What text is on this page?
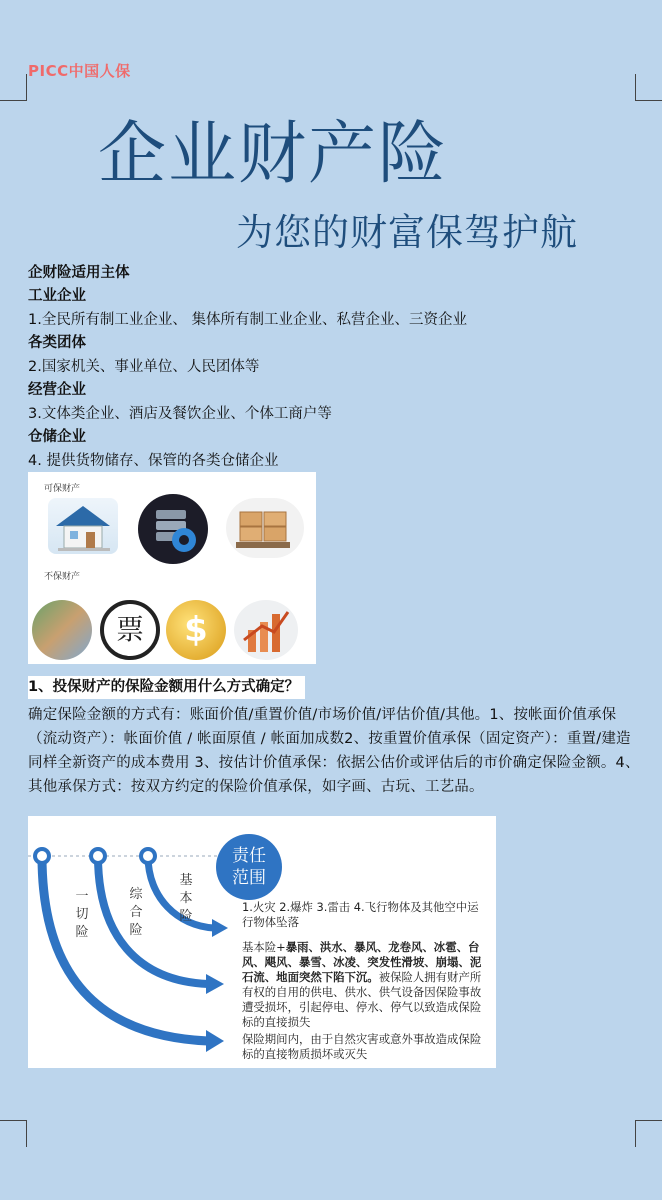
PICC中国人保
企业财产险
为您的财富保驾护航
企财险适用主体
工业企业
1.全民所有制工业企业、 集体所有制工业企业、私营企业、三资企业
各类团体
2.国家机关、事业单位、人民团体等
经营企业
3.文体类企业、酒店及餐饮企业、个体工商户等
仓储企业
4. 提供货物储存、保管的各类仓储企业
可保财产
不保财产
票	$
1、投保财产的保险金额用什么方式确定？
确定保险金额的方式有：账面价值/重置价值/市场价值/评估价值/其他。1、按帐面价值承保（流动资产）：帐面价值 / 帐面原值 / 帐面加成数2、按重置价值承保（固定资产）：重置/建造同样全新资产的成本费用 3、按估计价值承保：依据公估价或评估后的市价确定保险金额。4、其他承保方式：按双方约定的保险价值承保，如字画、古玩、工艺品。
一切险
综合险
基本险
责任
范围
1.火灾 2.爆炸 3.雷击 4.飞行物体及其他空中运行物体坠落
基本险+暴雨、洪水、暴风、龙卷风、冰雹、台风、飓风、暴雪、冰凌、突发性滑坡、崩塌、泥石流、地面突然下陷下沉。被保险人拥有财产所有权的自用的供电、供水、供气设备因保险事故遭受损坏，引起停电、停水、停气以致造成保险标的直接损失
保险期间内，由于自然灾害或意外事故造成保险标的直接物质损坏或灭失
